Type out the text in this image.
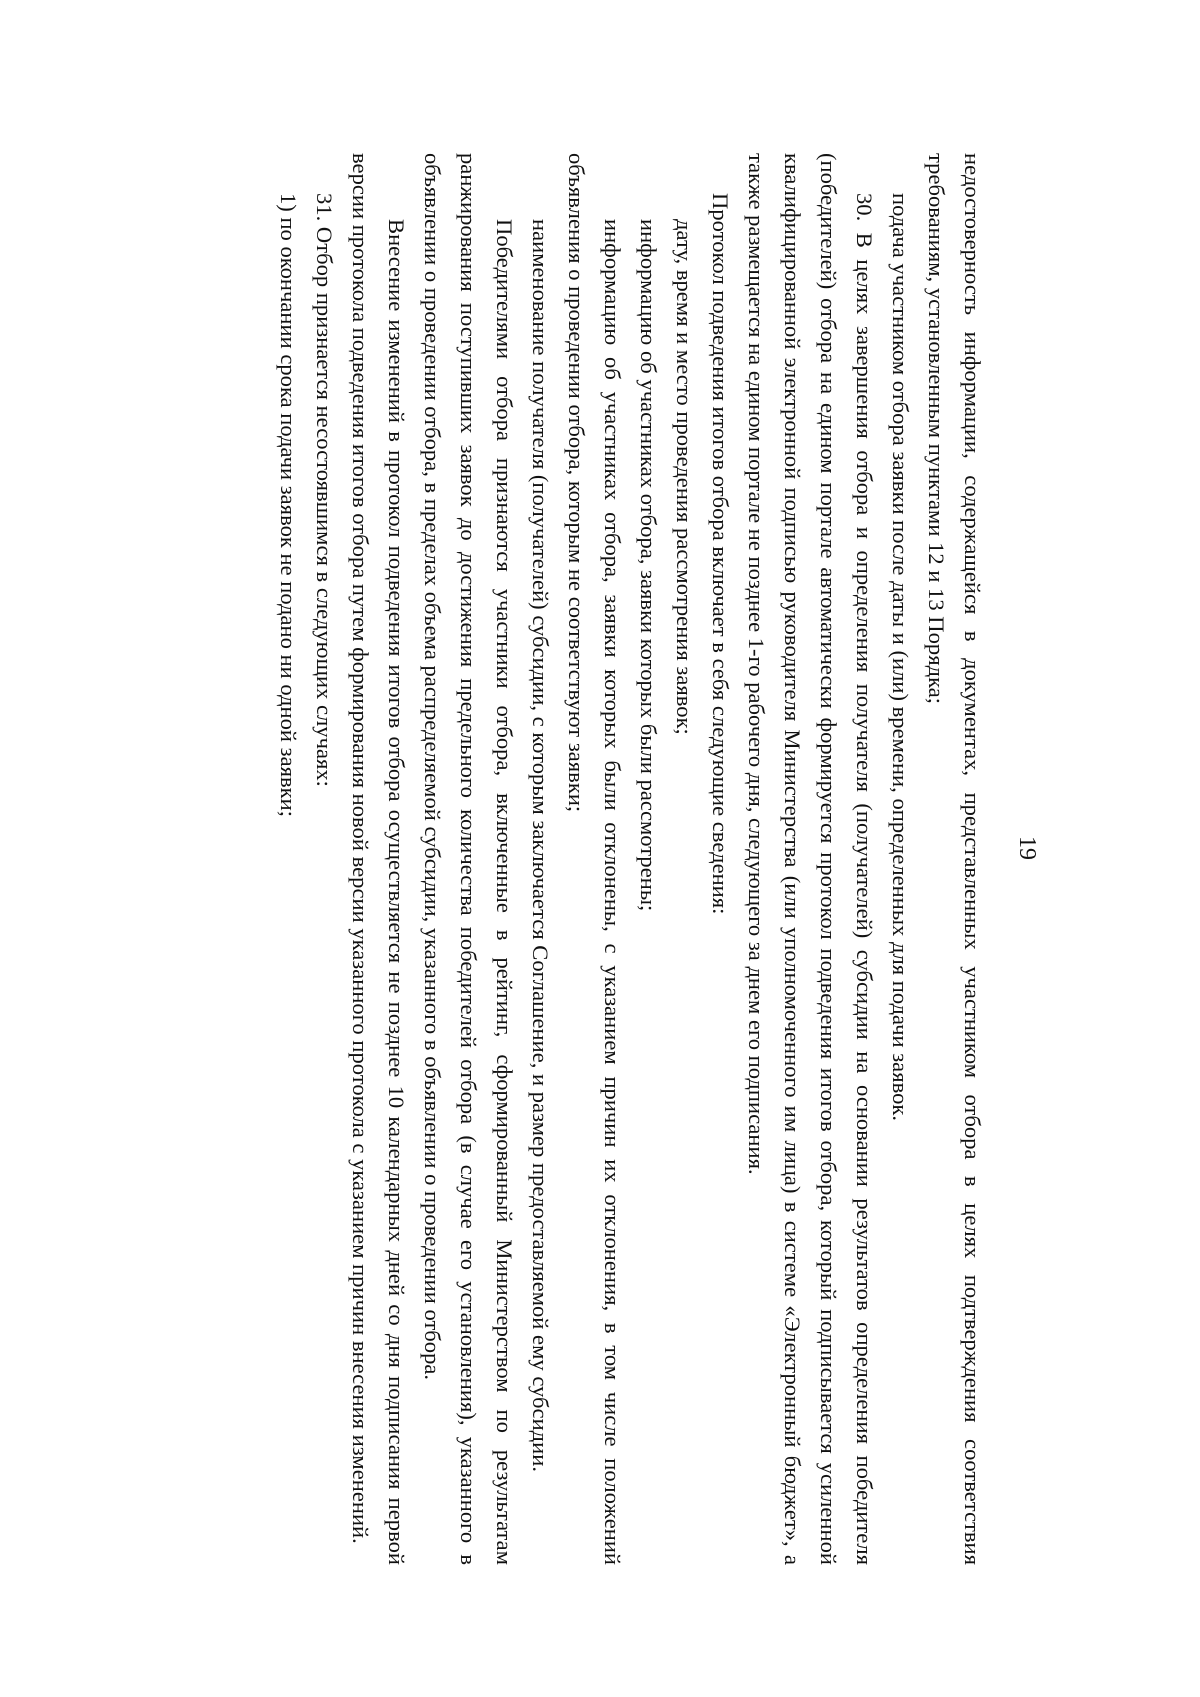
19

недостоверность информации, содержащейся в документах, представленных участником отбора в целях подтверждения соответствия требованиям, установленным пунктами 12 и 13 Порядка;

подача участником отбора заявки после даты и (или) времени, определенных для подачи заявок.

30. В целях завершения отбора и определения получателя (получателей) субсидии на основании результатов определения победителя (победителей) отбора на едином портале автоматически формируется протокол подведения итогов отбора, который подписывается усиленной квалифицированной электронной подписью руководителя Министерства (или уполномоченного им лица) в системе «Электронный бюджет», а также размещается на едином портале не позднее 1-го рабочего дня, следующего за днем его подписания.

Протокол подведения итогов отбора включает в себя следующие сведения:

дату, время и место проведения рассмотрения заявок;

информацию об участниках отбора, заявки которых были рассмотрены;

информацию об участниках отбора, заявки которых были отклонены, с указанием причин их отклонения, в том числе положений объявления о проведении отбора, которым не соответствуют заявки;

наименование получателя (получателей) субсидии, с которым заключается Соглашение, и размер предоставляемой ему субсидии.

Победителями отбора признаются участники отбора, включенные в рейтинг, сформированный Министерством по результатам ранжирования поступивших заявок до достижения предельного количества победителей отбора (в случае его установления), указанного в объявлении о проведении отбора, в пределах объема распределяемой субсидии, указанного в объявлении о проведении отбора.

Внесение изменений в протокол подведения итогов отбора осуществляется не позднее 10 календарных дней со дня подписания первой версии протокола подведения итогов отбора путем формирования новой версии указанного протокола с указанием причин внесения изменений.

31. Отбор признается несостоявшимся в следующих случаях:

1) по окончании срока подачи заявок не подано ни одной заявки;
